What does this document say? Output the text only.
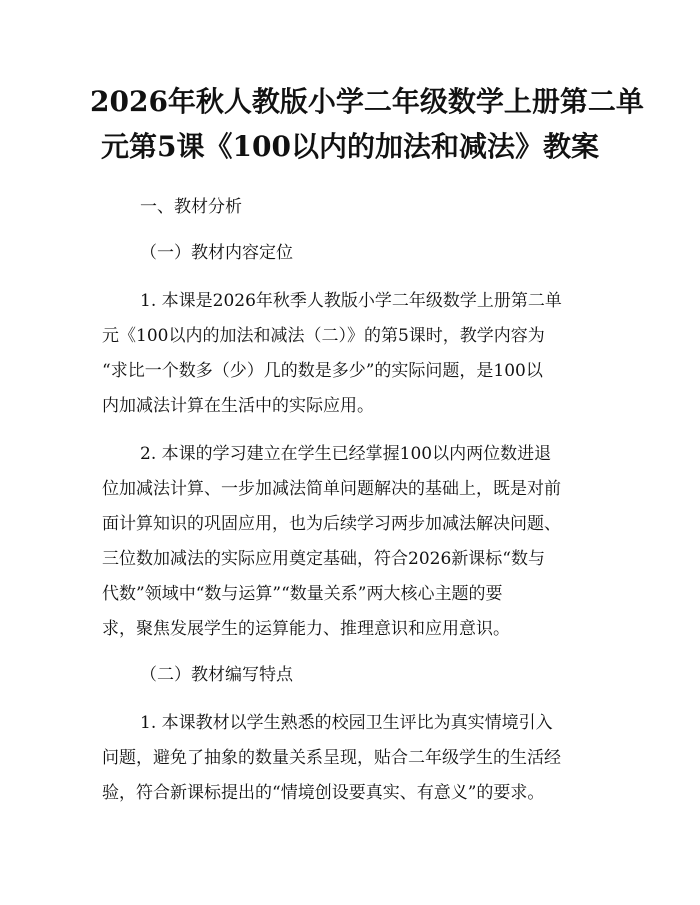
2026年秋人教版小学二年级数学上册第二单
元第5课《100以内的加法和减法》教案
一、教材分析
（一）教材内容定位
1. 本课是2026年秋季人教版小学二年级数学上册第二单
元《100以内的加法和减法（二）》的第5课时，教学内容为
“求比一个数多（少）几的数是多少”的实际问题，是100以
内加减法计算在生活中的实际应用。
2. 本课的学习建立在学生已经掌握100以内两位数进退
位加减法计算、一步加减法简单问题解决的基础上，既是对前
面计算知识的巩固应用，也为后续学习两步加减法解决问题、
三位数加减法的实际应用奠定基础，符合2026新课标“数与
代数”领域中“数与运算”“数量关系”两大核心主题的要
求，聚焦发展学生的运算能力、推理意识和应用意识。
（二）教材编写特点
1. 本课教材以学生熟悉的校园卫生评比为真实情境引入
问题，避免了抽象的数量关系呈现，贴合二年级学生的生活经
验，符合新课标提出的“情境创设要真实、有意义”的要求。
